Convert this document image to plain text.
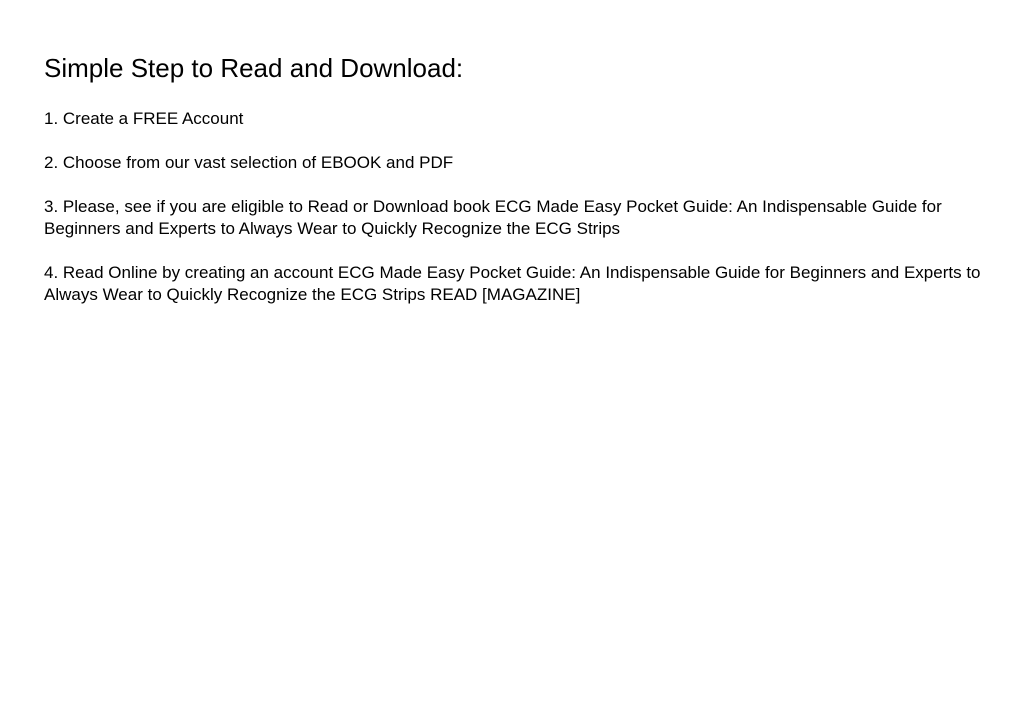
Simple Step to Read and Download:
1. Create a FREE Account
2. Choose from our vast selection of EBOOK and PDF
3. Please, see if you are eligible to Read or Download book ECG Made Easy Pocket Guide: An Indispensable Guide for Beginners and Experts to Always Wear to Quickly Recognize the ECG Strips
4. Read Online by creating an account ECG Made Easy Pocket Guide: An Indispensable Guide for Beginners and Experts to Always Wear to Quickly Recognize the ECG Strips READ [MAGAZINE]
